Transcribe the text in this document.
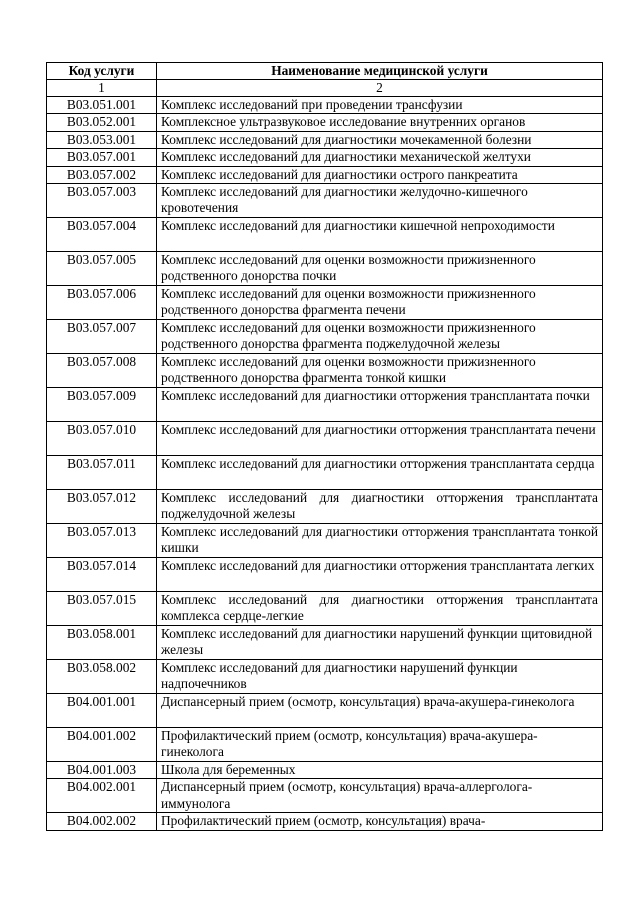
Код услуги	Наименование медицинской услуги
1	2
B03.051.001	Комплекс исследований при проведении трансфузии
B03.052.001	Комплексное ультразвуковое исследование внутренних органов
B03.053.001	Комплекс исследований для диагностики мочекаменной болезни
B03.057.001	Комплекс исследований для диагностики механической желтухи
B03.057.002	Комплекс исследований для диагностики острого панкреатита
B03.057.003	Комплекс исследований для диагностики желудочно-кишечного кровотечения
B03.057.004	Комплекс исследований для диагностики кишечной непроходимости
B03.057.005	Комплекс исследований для оценки возможности прижизненного родственного донорства почки
B03.057.006	Комплекс исследований для оценки возможности прижизненного родственного донорства фрагмента печени
B03.057.007	Комплекс исследований для оценки возможности прижизненного родственного донорства фрагмента поджелудочной железы
B03.057.008	Комплекс исследований для оценки возможности прижизненного родственного донорства фрагмента тонкой кишки
B03.057.009	Комплекс исследований для диагностики отторжения трансплантата почки
B03.057.010	Комплекс исследований для диагностики отторжения трансплантата печени
B03.057.011	Комплекс исследований для диагностики отторжения трансплантата сердца
B03.057.012	Комплекс исследований для диагностики отторжения трансплантата поджелудочной железы
B03.057.013	Комплекс исследований для диагностики отторжения трансплантата тонкой кишки
B03.057.014	Комплекс исследований для диагностики отторжения трансплантата легких
B03.057.015	Комплекс исследований для диагностики отторжения трансплантата комплекса сердце-легкие
B03.058.001	Комплекс исследований для диагностики нарушений функции щитовидной железы
B03.058.002	Комплекс исследований для диагностики нарушений функции надпочечников
B04.001.001	Диспансерный прием (осмотр, консультация) врача-акушера-гинеколога
B04.001.002	Профилактический прием (осмотр, консультация) врача-акушера-гинеколога
B04.001.003	Школа для беременных
B04.002.001	Диспансерный прием (осмотр, консультация) врача-аллерголога-иммунолога
B04.002.002	Профилактический прием (осмотр, консультация) врача-
